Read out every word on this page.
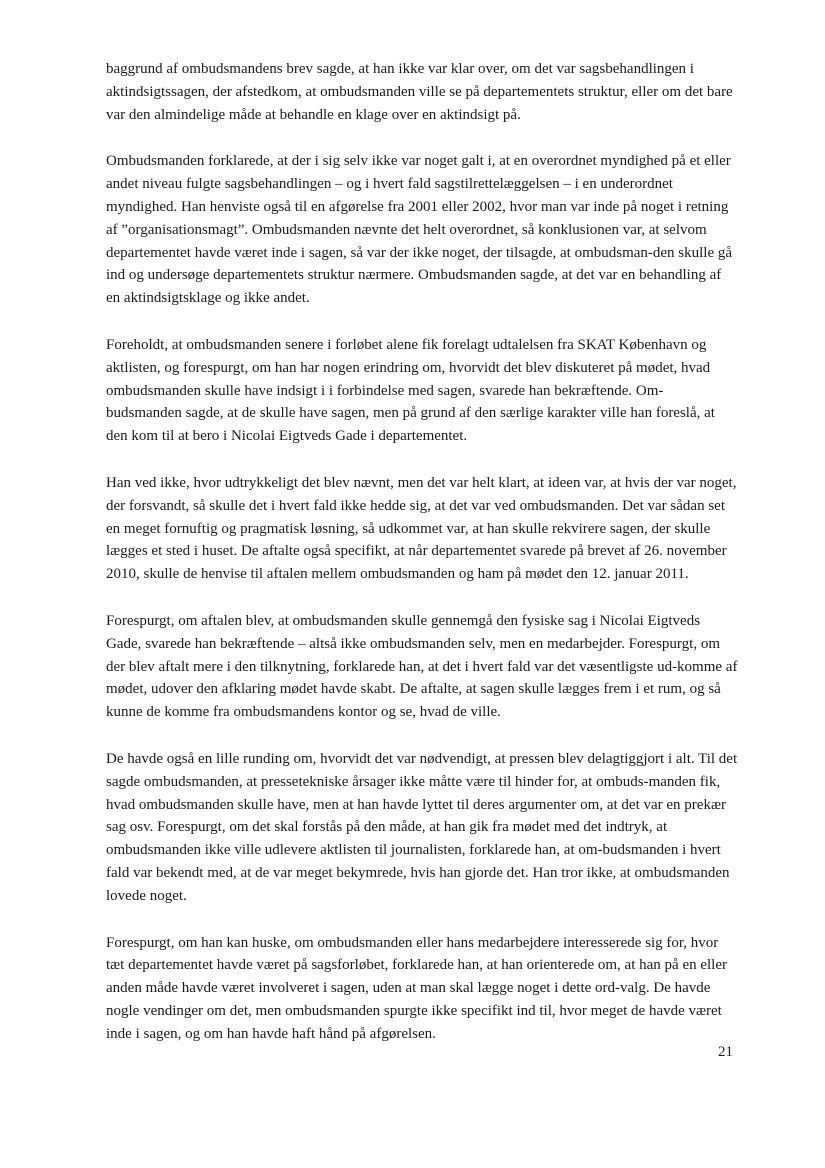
baggrund af ombudsmandens brev sagde, at han ikke var klar over, om det var sagsbehandlingen i aktindsigtssagen, der afstedkom, at ombudsmanden ville se på departementets struktur, eller om det bare var den almindelige måde at behandle en klage over en aktindsigt på.

Ombudsmanden forklarede, at der i sig selv ikke var noget galt i, at en overordnet myndighed på et eller andet niveau fulgte sagsbehandlingen – og i hvert fald sagstilrettelæggelsen – i en underordnet myndighed. Han henviste også til en afgørelse fra 2001 eller 2002, hvor man var inde på noget i retning af ”organisationsmagt”. Ombudsmanden nævnte det helt overordnet, så konklusionen var, at selvom departementet havde været inde i sagen, så var der ikke noget, der tilsagde, at ombudsman-den skulle gå ind og undersøge departementets struktur nærmere. Ombudsmanden sagde, at det var en behandling af en aktindsigtsklage og ikke andet.

Foreholdt, at ombudsmanden senere i forløbet alene fik forelagt udtalelsen fra SKAT København og aktlisten, og forespurgt, om han har nogen erindring om, hvorvidt det blev diskuteret på mødet, hvad ombudsmanden skulle have indsigt i i forbindelse med sagen, svarede han bekræftende. Om-budsmanden sagde, at de skulle have sagen, men på grund af den særlige karakter ville han foreslå, at den kom til at bero i Nicolai Eigtveds Gade i departementet.

Han ved ikke, hvor udtrykkeligt det blev nævnt, men det var helt klart, at ideen var, at hvis der var noget, der forsvandt, så skulle det i hvert fald ikke hedde sig, at det var ved ombudsmanden. Det var sådan set en meget fornuftig og pragmatisk løsning, så udkommet var, at han skulle rekvirere sagen, der skulle lægges et sted i huset. De aftalte også specifikt, at når departementet svarede på brevet af 26. november 2010, skulle de henvise til aftalen mellem ombudsmanden og ham på mødet den 12. januar 2011.

Forespurgt, om aftalen blev, at ombudsmanden skulle gennemgå den fysiske sag i Nicolai Eigtveds Gade, svarede han bekræftende – altså ikke ombudsmanden selv, men en medarbejder. Forespurgt, om der blev aftalt mere i den tilknytning, forklarede han, at det i hvert fald var det væsentligste ud-komme af mødet, udover den afklaring mødet havde skabt. De aftalte, at sagen skulle lægges frem i et rum, og så kunne de komme fra ombudsmandens kontor og se, hvad de ville.

De havde også en lille runding om, hvorvidt det var nødvendigt, at pressen blev delagtiggjort i alt. Til det sagde ombudsmanden, at pressetekniske årsager ikke måtte være til hinder for, at ombuds-manden fik, hvad ombudsmanden skulle have, men at han havde lyttet til deres argumenter om, at det var en prekær sag osv. Forespurgt, om det skal forstås på den måde, at han gik fra mødet med det indtryk, at ombudsmanden ikke ville udlevere aktlisten til journalisten, forklarede han, at om-budsmanden i hvert fald var bekendt med, at de var meget bekymrede, hvis han gjorde det. Han tror ikke, at ombudsmanden lovede noget.

Forespurgt, om han kan huske, om ombudsmanden eller hans medarbejdere interesserede sig for, hvor tæt departementet havde været på sagsforløbet, forklarede han, at han orienterede om, at han på en eller anden måde havde været involveret i sagen, uden at man skal lægge noget i dette ord-valg. De havde nogle vendinger om det, men ombudsmanden spurgte ikke specifikt ind til, hvor meget de havde været inde i sagen, og om han havde haft hånd på afgørelsen.

21
